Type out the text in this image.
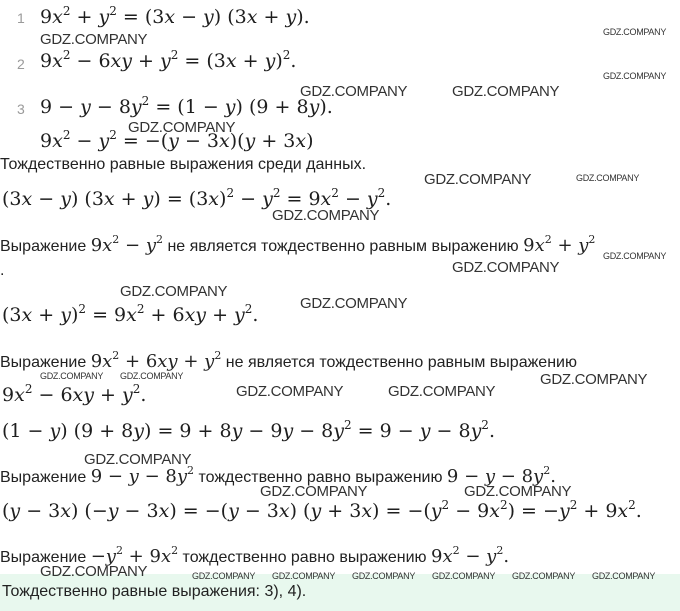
1 $9x^2 + y^2 = (3x - y) (3x + y)$.
2 $9x^2 - 6xy + y^2 = (3x + y)^2$.
3 $9 - y - 8y^2 = (1 - y) (9 + 8y)$.
$9x^2 - y^2 = -(y - 3x)(y + 3x)$
Тождественно равные выражения среди данных.
(3x − y) $(3x + y) = (3x)^2 - y^2 = 9x^2 - y^2$.
Выражение $9x^2 - y^2$ не является тождественно равным выражению $9x^2 + y^2$
.
$(3x + y)^2 = 9x^2 + 6xy + y^2$.
Выражение $9x^2 + 6xy + y^2$ не является тождественно равным выражению
$9x^2 - 6xy + y^2$.
(1 − y) $(9 + 8y) = 9 + 8y - 9y - 8y^2 = 9 - y - 8y^2$.
Выражение $9 - y - 8y^2$ тождественно равно выражению $9 - y - 8y^2$.
(y − 3x) (−y − 3x) = −(y − 3x) $(y + 3x) = -(y^2 - 9x^2) = -y^2 + 9x^2$.
Выражение $-y^2 + 9x^2$ тождественно равно выражению $9x^2 - y^2$.
Тождественно равные выражения: 3), 4).
GDZ.COMPANY	GDZ.COMPANY
GDZ.COMPANY
GDZ.COMPANY	GDZ.COMPANY
GDZ.COMPANY
GDZ.COMPANY	GDZ.COMPANY
GDZ.COMPANY
GDZ.COMPANY
GDZ.COMPANY
GDZ.COMPANY
GDZ.COMPANY
GDZ.COMPANY GDZ.COMPANY	GDZ.COMPANY
GDZ.COMPANY	GDZ.COMPANY
GDZ.COMPANY
GDZ.COMPANY	GDZ.COMPANY
GDZ.COMPANY	GDZ.COMPANY GDZ.COMPANY GDZ.COMPANY GDZ.COMPANY GDZ.COMPANY GDZ.COMPANY
